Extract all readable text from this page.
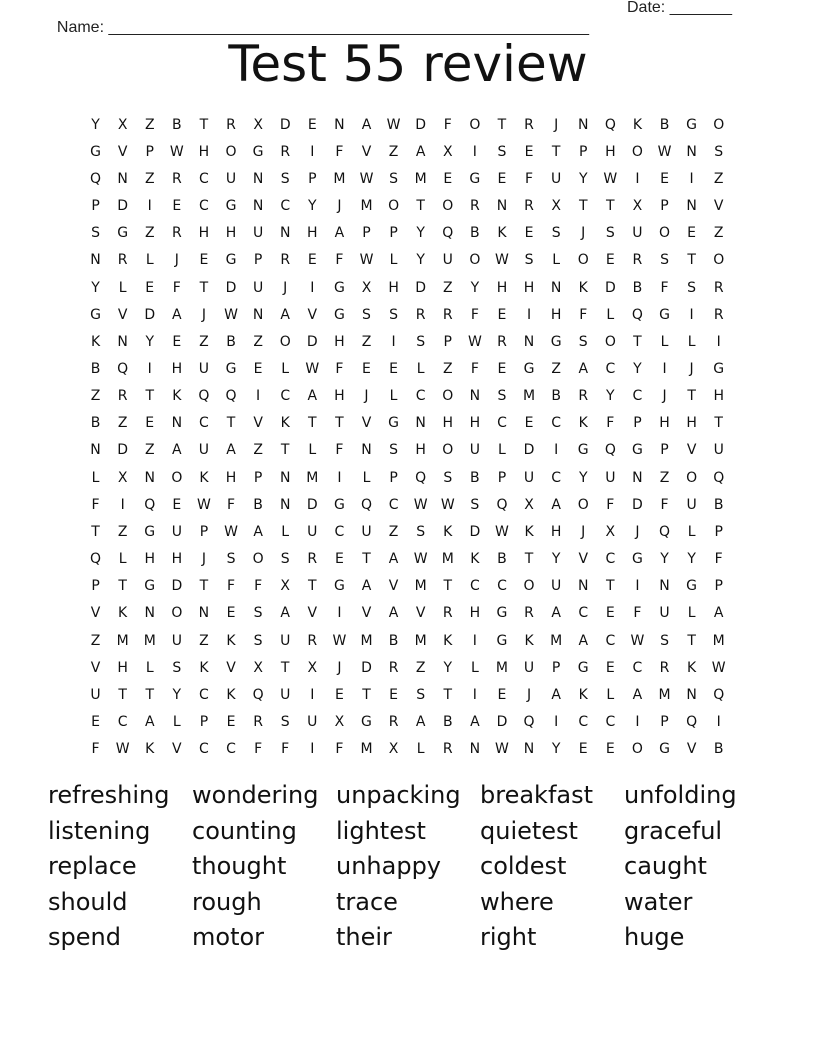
Name: ______________________________________________________

Date: _______

Test 55 review
Y	X	Z	B	T	R	X	D	E	N	A	W	D	F	O	T	R	J	N	Q	K	B	G	O
G	V	P	W	H	O	G	R	I	F	V	Z	A	X	I	S	E	T	P	H	O	W	N	S
Q	N	Z	R	C	U	N	S	P	M	W	S	M	E	G	E	F	U	Y	W	I	E	I	Z
P	D	I	E	C	G	N	C	Y	J	M	O	T	O	R	N	R	X	T	T	X	P	N	V
S	G	Z	R	H	H	U	N	H	A	P	P	Y	Q	B	K	E	S	J	S	U	O	E	Z
N	R	L	J	E	G	P	R	E	F	W	L	Y	U	O	W	S	L	O	E	R	S	T	O
Y	L	E	F	T	D	U	J	I	G	X	H	D	Z	Y	H	H	N	K	D	B	F	S	R
G	V	D	A	J	W	N	A	V	G	S	S	R	R	F	E	I	H	F	L	Q	G	I	R
K	N	Y	E	Z	B	Z	O	D	H	Z	I	S	P	W	R	N	G	S	O	T	L	L	I
B	Q	I	H	U	G	E	L	W	F	E	E	L	Z	F	E	G	Z	A	C	Y	I	J	G
Z	R	T	K	Q	Q	I	C	A	H	J	L	C	O	N	S	M	B	R	Y	C	J	T	H
B	Z	E	N	C	T	V	K	T	T	V	G	N	H	H	C	E	C	K	F	P	H	H	T
N	D	Z	A	U	A	Z	T	L	F	N	S	H	O	U	L	D	I	G	Q	G	P	V	U
L	X	N	O	K	H	P	N	M	I	L	P	Q	S	B	P	U	C	Y	U	N	Z	O	Q
F	I	Q	E	W	F	B	N	D	G	Q	C	W W	S	Q	X	A	O	F	D	F	U	B
T	Z	G	U	P	W	A	L	U	C	U	Z	S	K	D	W	K	H	J	X	J	Q	L	P
Q	L	H	H	J	S	O	S	R	E	T	A	W	M	K	B	T	Y	V	C	G	Y	Y	F
P	T	G	D	T	F	F	X	T	G	A	V	M	T	C	C	O	U	N	T	I	N	G	P
V	K	N	O	N	E	S	A	V	I	V	A	V	R	H	G	R	A	C	E	F	U	L	A
Z	M	M	U	Z	K	S	U	R	W	M	B	M	K	I	G	K	M	A	C	W	S	T	M
V	H	L	S	K	V	X	T	X	J	D	R	Z	Y	L	M	U	P	G	E	C	R	K	W
U	T	T	Y	C	K	Q	U	I	E	T	E	S	T	I	E	J	A	K	L	A	M	N	Q
E	C	A	L	P	E	R	S	U	X	G	R	A	B	A	D	Q	I	C	C	I	P	Q	I
F	W	K	V	C	C	F	F	I	F	M	X	L	R	N	W	N	Y	E	E	O	G	V	B
refreshing wondering unpacking breakfast	unfolding
listening	counting	lightest	quietest	graceful
replace	thought	unhappy	coldest	caught
should	rough	trace	where	water
spend	motor	their	right	huge
